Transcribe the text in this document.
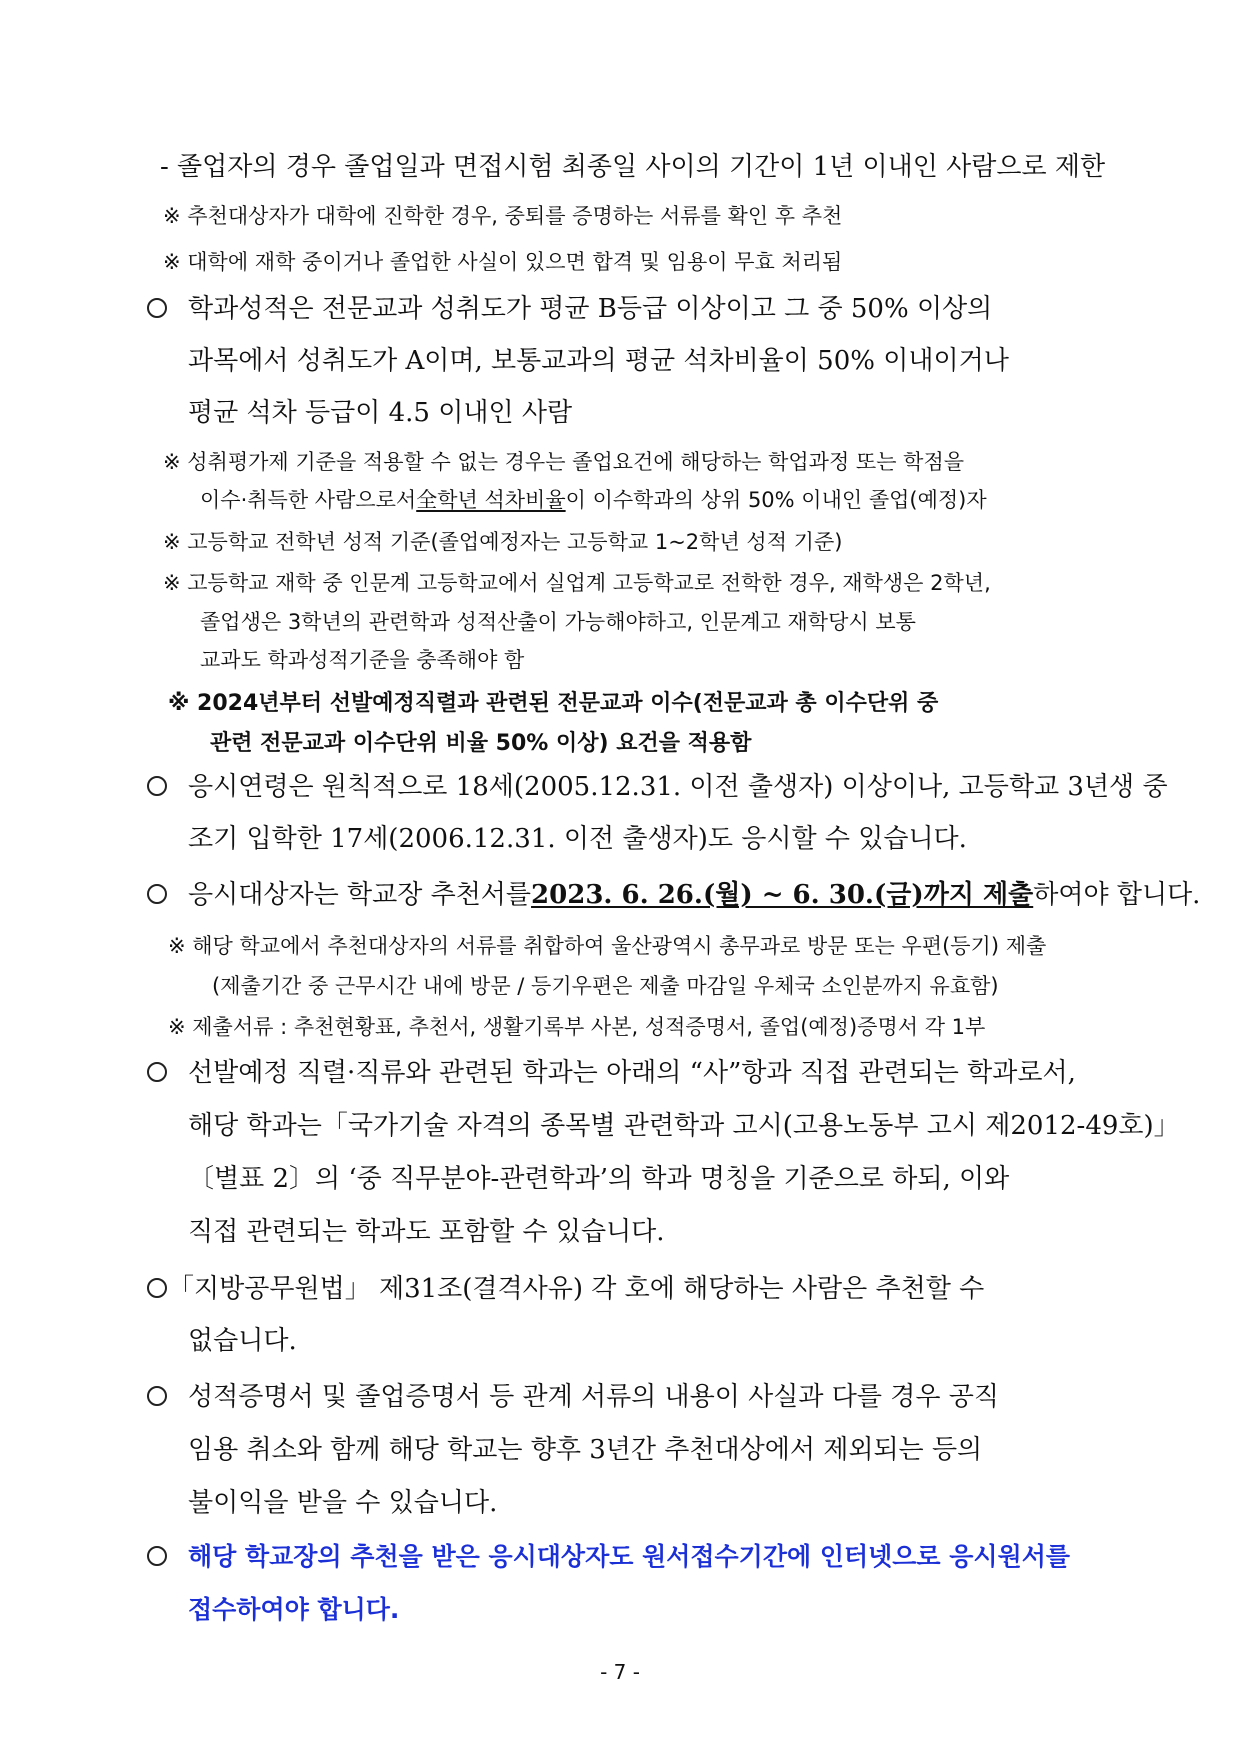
- 졸업자의 경우 졸업일과 면접시험 최종일 사이의 기간이 1년 이내인 사람으로 제한
※ 추천대상자가 대학에 진학한 경우, 중퇴를 증명하는 서류를 확인 후 추천
※ 대학에 재학 중이거나 졸업한 사실이 있으면 합격 및 임용이 무효 처리됨
학과성적은 전문교과 성취도가 평균 B등급 이상이고 그 중 50% 이상의
과목에서 성취도가 A이며, 보통교과의 평균 석차비율이 50% 이내이거나
평균 석차 등급이 4.5 이내인 사람
※ 성취평가제 기준을 적용할 수 없는 경우는 졸업요건에 해당하는 학업과정 또는 학점을
이수·취득한 사람으로서 全학년 석차비율 이 이수학과의 상위 50% 이내인 졸업(예정)자
※ 고등학교 전학년 성적 기준(졸업예정자는 고등학교 1~2학년 성적 기준)
※ 고등학교 재학 중 인문계 고등학교에서 실업계 고등학교로 전학한 경우, 재학생은 2학년,
졸업생은 3학년의 관련학과 성적산출이 가능해야하고, 인문계고 재학당시 보통
교과도 학과성적기준을 충족해야 함
※ 2024년부터 선발예정직렬과 관련된 전문교과 이수(전문교과 총 이수단위 중
관련 전문교과 이수단위 비율 50% 이상) 요건을 적용함
응시연령은 원칙적으로 18세(2005.12.31. 이전 출생자) 이상이나, 고등학교 3년생 중
조기 입학한 17세(2006.12.31. 이전 출생자)도 응시할 수 있습니다.
응시대상자는 학교장 추천서를 2023. 6. 26.(월) ~ 6. 30.(금)까지 제출 하여야 합니다.
※ 해당 학교에서 추천대상자의 서류를 취합하여 울산광역시 총무과로 방문 또는 우편(등기) 제출
(제출기간 중 근무시간 내에 방문 / 등기우편은 제출 마감일 우체국 소인분까지 유효함)
※ 제출서류 : 추천현황표, 추천서, 생활기록부 사본, 성적증명서, 졸업(예정)증명서 각 1부
선발예정 직렬·직류와 관련된 학과는 아래의 “사”항과 직접 관련되는 학과로서,
해당 학과는「국가기술 자격의 종목별 관련학과 고시(고용노동부 고시 제2012-49호)」
〔별표 2〕의 ‘중 직무분야-관련학과’의 학과 명칭을 기준으로 하되, 이와
직접 관련되는 학과도 포함할 수 있습니다.
「지방공무원법」 제31조(결격사유) 각 호에 해당하는 사람은 추천할 수
없습니다.
성적증명서 및 졸업증명서 등 관계 서류의 내용이 사실과 다를 경우 공직
임용 취소와 함께 해당 학교는 향후 3년간 추천대상에서 제외되는 등의
불이익을 받을 수 있습니다.
해당 학교장의 추천을 받은 응시대상자도 원서접수기간에 인터넷으로 응시원서를
접수하여야 합니다.
- 7 -
